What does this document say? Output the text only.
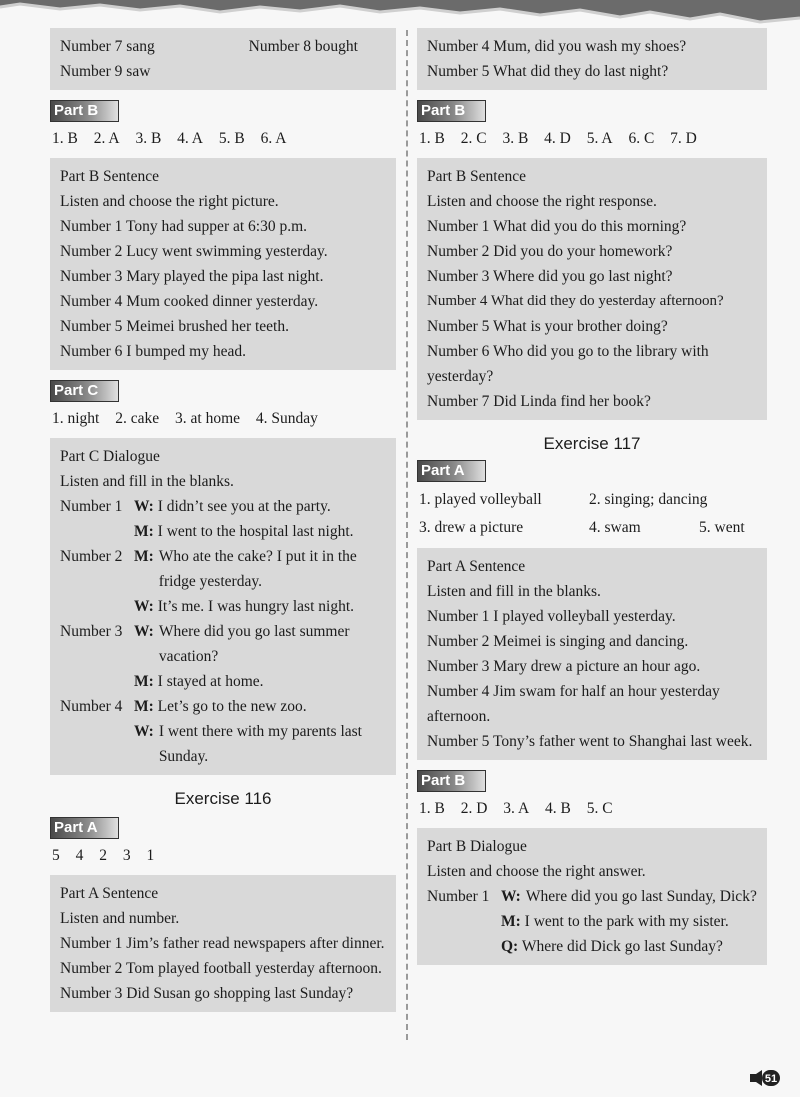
Number 7 sang	Number 8 bought
Number 9 saw
Part B
1. B 2. A 3. B 4. A 5. B 6. A
Part B Sentence
Listen and choose the right picture.
Number 1 Tony had supper at 6:30 p.m.
Number 2 Lucy went swimming yesterday.
Number 3 Mary played the pipa last night.
Number 4 Mum cooked dinner yesterday.
Number 5 Meimei brushed her teeth.
Number 6 I bumped my head.
Part C
1. night 2. cake 3. at home 4. Sunday
Part C Dialogue
Listen and fill in the blanks.
Number 1 W: I didn’t see you at the party.
M: I went to the hospital last night.
Number 2 M: Who ate the cake? I put it in the fridge yesterday.
W: It’s me. I was hungry last night.
Number 3 W: Where did you go last summer vacation?
M: I stayed at home.
Number 4 M: Let’s go to the new zoo.
W: I went there with my parents last Sunday.
Exercise 116
Part A
5 4 2 3 1
Part A Sentence
Listen and number.
Number 1 Jim’s father read newspapers after dinner.
Number 2 Tom played football yesterday afternoon.
Number 3 Did Susan go shopping last Sunday?
Number 4 Mum, did you wash my shoes?
Number 5 What did they do last night?
Part B
1. B 2. C 3. B 4. D 5. A 6. C 7. D
Part B Sentence
Listen and choose the right response.
Number 1 What did you do this morning?
Number 2 Did you do your homework?
Number 3 Where did you go last night?
Number 4 What did they do yesterday afternoon?
Number 5 What is your brother doing?
Number 6 Who did you go to the library with yesterday?
Number 7 Did Linda find her book?
Exercise 117
Part A
1. played volleyball	2. singing; dancing
3. drew a picture	4. swam	5. went
Part A Sentence
Listen and fill in the blanks.
Number 1 I played volleyball yesterday.
Number 2 Meimei is singing and dancing.
Number 3 Mary drew a picture an hour ago.
Number 4 Jim swam for half an hour yesterday afternoon.
Number 5 Tony’s father went to Shanghai last week.
Part B
1. B 2. D 3. A 4. B 5. C
Part B Dialogue
Listen and choose the right answer.
Number 1 W: Where did you go last Sunday, Dick?
M: I went to the park with my sister.
Q: Where did Dick go last Sunday?
51
